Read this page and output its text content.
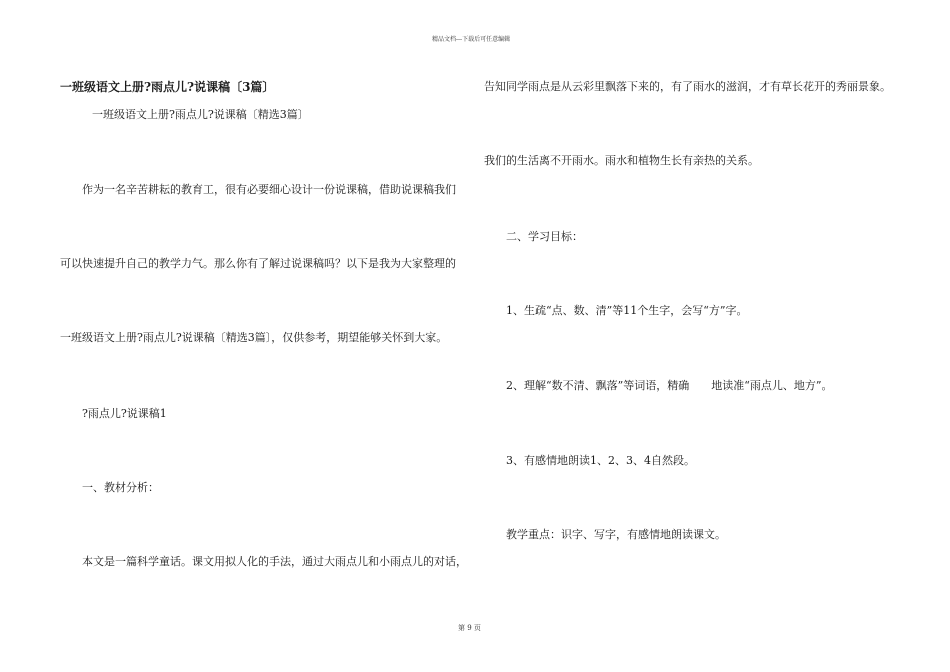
精品文档---下载后可任意编辑
一班级语文上册?雨点儿?说课稿〔3篇〕
一班级语文上册?雨点儿?说课稿〔精选3篇〕
作为一名辛苦耕耘的教育工，很有必要细心设计一份说课稿，借助说课稿我们
可以快速提升自己的教学力气。那么你有了解过说课稿吗？以下是我为大家整理的
一班级语文上册?雨点儿?说课稿〔精选3篇〕，仅供参考，期望能够关怀到大家。
?雨点儿?说课稿1
一、教材分析：
本文是一篇科学童话。课文用拟人化的手法，通过大雨点儿和小雨点儿的对话，
告知同学雨点是从云彩里飘落下来的，有了雨水的滋润，才有草长花开的秀丽景象。
我们的生活离不开雨水。雨水和植物生长有亲热的关系。
二、学习目标：
1、生疏“点、数、清”等11个生字，会写“方”字。
2、理解“数不清、飘落”等词语，精确　　地读准“雨点儿、地方”。
3、有感情地朗读1、2、3、4自然段。
教学重点：识字、写字，有感情地朗读课文。
第 9 页
